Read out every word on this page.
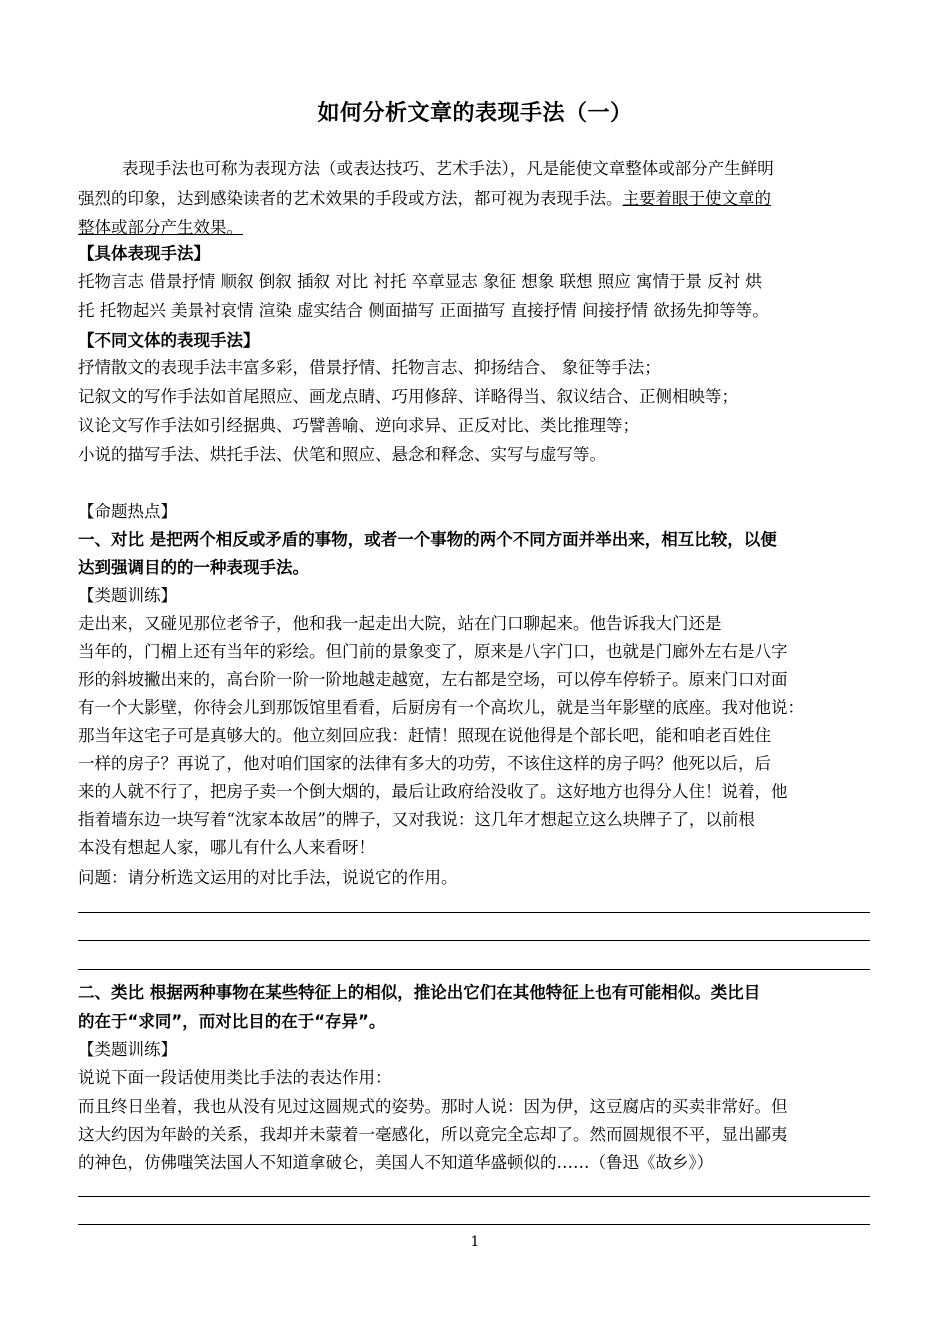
如何分析文章的表现手法（一）
表现手法也可称为表现方法（或表达技巧、艺术手法），凡是能使文章整体或部分产生鲜明
强烈的印象，达到感染读者的艺术效果的手段或方法，都可视为表现手法。主要着眼于使文章的
整体或部分产生效果。
【具体表现手法】
托物言志 借景抒情 顺叙 倒叙 插叙 对比 衬托 卒章显志 象征 想象 联想 照应 寓情于景 反衬 烘
托 托物起兴 美景衬哀情 渲染 虚实结合 侧面描写 正面描写 直接抒情 间接抒情 欲扬先抑等等。
【不同文体的表现手法】
抒情散文的表现手法丰富多彩，借景抒情、托物言志、抑扬结合、 象征等手法；
记叙文的写作手法如首尾照应、画龙点睛、巧用修辞、详略得当、叙议结合、正侧相映等；
议论文写作手法如引经据典、巧譬善喻、逆向求异、正反对比、类比推理等；
小说的描写手法、烘托手法、伏笔和照应、悬念和释念、实写与虚写等。
【命题热点】
一、对比 是把两个相反或矛盾的事物，或者一个事物的两个不同方面并举出来，相互比较，以便
达到强调目的的一种表现手法。
【类题训练】
走出来，又碰见那位老爷子，他和我一起走出大院，站在门口聊起来。他告诉我大门还是
当年的，门楣上还有当年的彩绘。但门前的景象变了，原来是八字门口，也就是门廊外左右是八字
形的斜坡撇出来的，高台阶一阶一阶地越走越宽，左右都是空场，可以停车停轿子。原来门口对面
有一个大影壁，你待会儿到那饭馆里看看，后厨房有一个高坎儿，就是当年影壁的底座。我对他说：
那当年这宅子可是真够大的。他立刻回应我：赶情！照现在说他得是个部长吧，能和咱老百姓住
一样的房子？再说了，他对咱们国家的法律有多大的功劳，不该住这样的房子吗？他死以后，后
来的人就不行了，把房子卖一个倒大烟的，最后让政府给没收了。这好地方也得分人住！说着，他
指着墙东边一块写着“沈家本故居”的牌子，又对我说：这几年才想起立这么块牌子了，以前根
本没有想起人家，哪儿有什么人来看呀！
问题：请分析选文运用的对比手法，说说它的作用。
二、类比 根据两种事物在某些特征上的相似，推论出它们在其他特征上也有可能相似。类比目
的在于“求同”，而对比目的在于“存异”。
【类题训练】
说说下面一段话使用类比手法的表达作用：
而且终日坐着，我也从没有见过这圆规式的姿势。那时人说：因为伊，这豆腐店的买卖非常好。但
这大约因为年龄的关系，我却并未蒙着一毫感化，所以竟完全忘却了。然而圆规很不平，显出鄙夷
的神色，仿佛嗤笑法国人不知道拿破仑，美国人不知道华盛顿似的……（鲁迅《故乡》）
1
